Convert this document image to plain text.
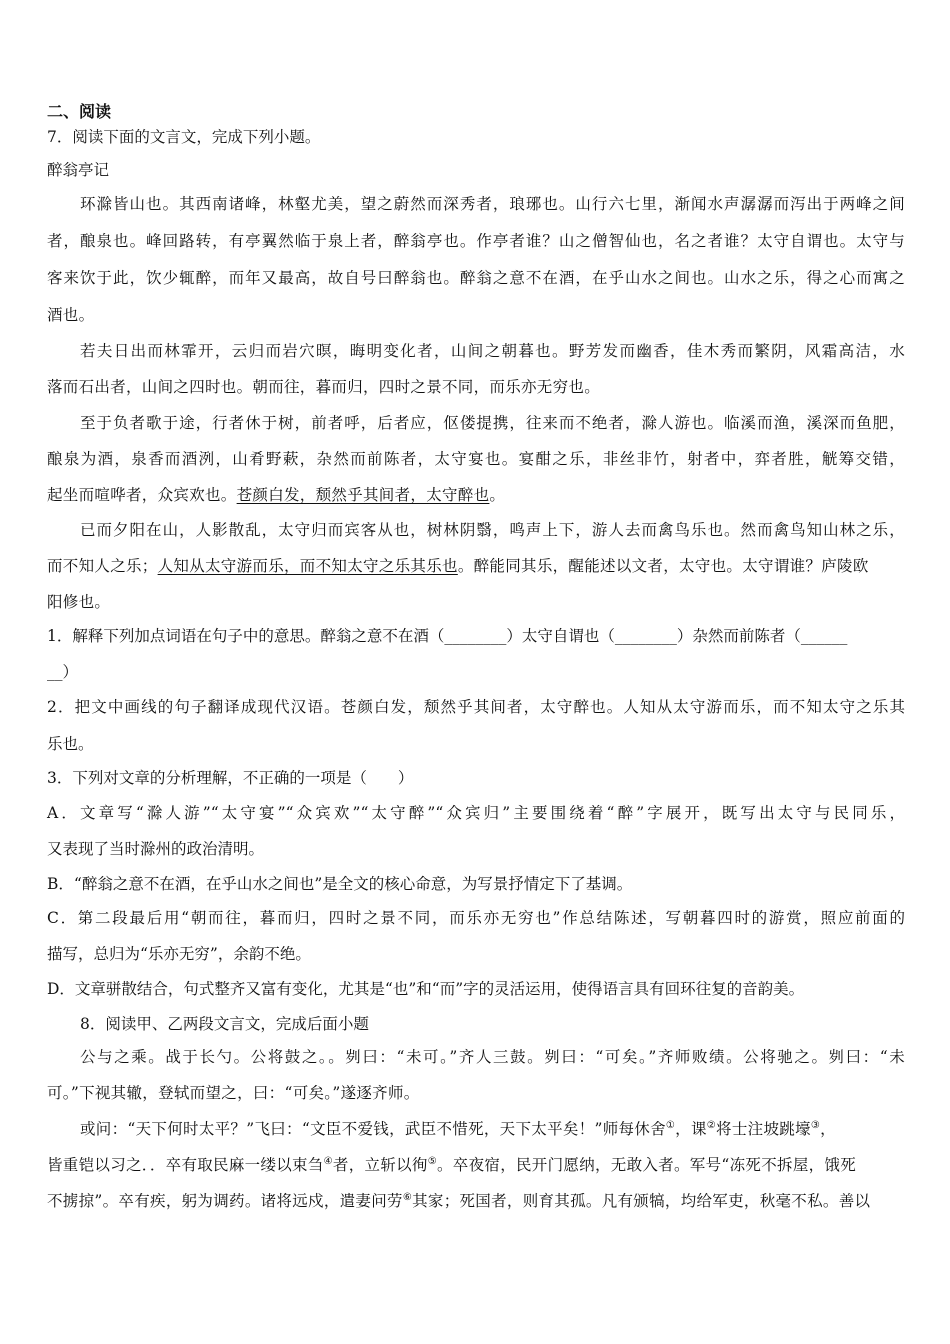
二、阅读
7．阅读下面的文言文，完成下列小题。
醉翁亭记
环滁皆山也。其西南诸峰，林壑尤美，望之蔚然而深秀者，琅琊也。山行六七里，渐闻水声潺潺而泻出于两峰之间
者，酿泉也。峰回路转，有亭翼然临于泉上者，醉翁亭也。作亭者谁？山之僧智仙也，名之者谁？太守自谓也。太守与
客来饮于此，饮少辄醉，而年又最高，故自号曰醉翁也。醉翁之意不在酒，在乎山水之间也。山水之乐，得之心而寓之
酒也。
若夫日出而林霏开，云归而岩穴暝，晦明变化者，山间之朝暮也。野芳发而幽香，佳木秀而繁阴，风霜高洁，水
落而石出者，山间之四时也。朝而往，暮而归，四时之景不同，而乐亦无穷也。
至于负者歌于途，行者休于树，前者呼，后者应，伛偻提携，往来而不绝者，滁人游也。临溪而渔，溪深而鱼肥，
酿泉为酒，泉香而酒洌，山肴野蔌，杂然而前陈者，太守宴也。宴酣之乐，非丝非竹，射者中，弈者胜，觥筹交错，
起坐而喧哗者，众宾欢也。苍颜白发，颓然乎其间者，太守醉也。
已而夕阳在山，人影散乱，太守归而宾客从也，树林阴翳，鸣声上下，游人去而禽鸟乐也。然而禽鸟知山林之乐，
而不知人之乐；人知从太守游而乐，而不知太守之乐其乐也。醉能同其乐，醒能述以文者，太守也。太守谓谁？庐陵欧
阳修也。
1．解释下列加点词语在句子中的意思。醉翁之意不在酒（________）太守自谓也（________）杂然而前陈者（______
__）
2．把文中画线的句子翻译成现代汉语。苍颜白发，颓然乎其间者，太守醉也。人知从太守游而乐，而不知太守之乐其
乐也。
3．下列对文章的分析理解，不正确的一项是（　　）
A．文章写“滁人游”“太守宴”“众宾欢”“太守醉”“众宾归”主要围绕着“醉”字展开，既写出太守与民同乐，
又表现了当时滁州的政治清明。
B．“醉翁之意不在酒，在乎山水之间也”是全文的核心命意，为写景抒情定下了基调。
C．第二段最后用“朝而往，暮而归，四时之景不同，而乐亦无穷也”作总结陈述，写朝暮四时的游赏，照应前面的
描写，总归为“乐亦无穷”，余韵不绝。
D．文章骈散结合，句式整齐又富有变化，尤其是“也”和“而”字的灵活运用，使得语言具有回环往复的音韵美。
8．阅读甲、乙两段文言文，完成后面小题
公与之乘。战于长勺。公将鼓之。。刿曰：“未可。”齐人三鼓。刿曰：“可矣。”齐师败绩。公将驰之。刿曰：“未
可。”下视其辙，登轼而望之，曰：“可矣。”遂逐齐师。
或问：“天下何时太平？”飞曰：“文臣不爱钱，武臣不惜死，天下太平矣！”师每休舍①，课②将士注坡跳壕③，
皆重铠以习之．．卒有取民麻一缕以束刍④者，立斩以徇⑤。卒夜宿，民开门愿纳，无敢入者。军号“冻死不拆屋，饿死
不掳掠”。卒有疾，躬为调药。诸将远戍，遣妻问劳⑥其家；死国者，则育其孤。凡有颁犒，均给军吏，秋毫不私。善以
